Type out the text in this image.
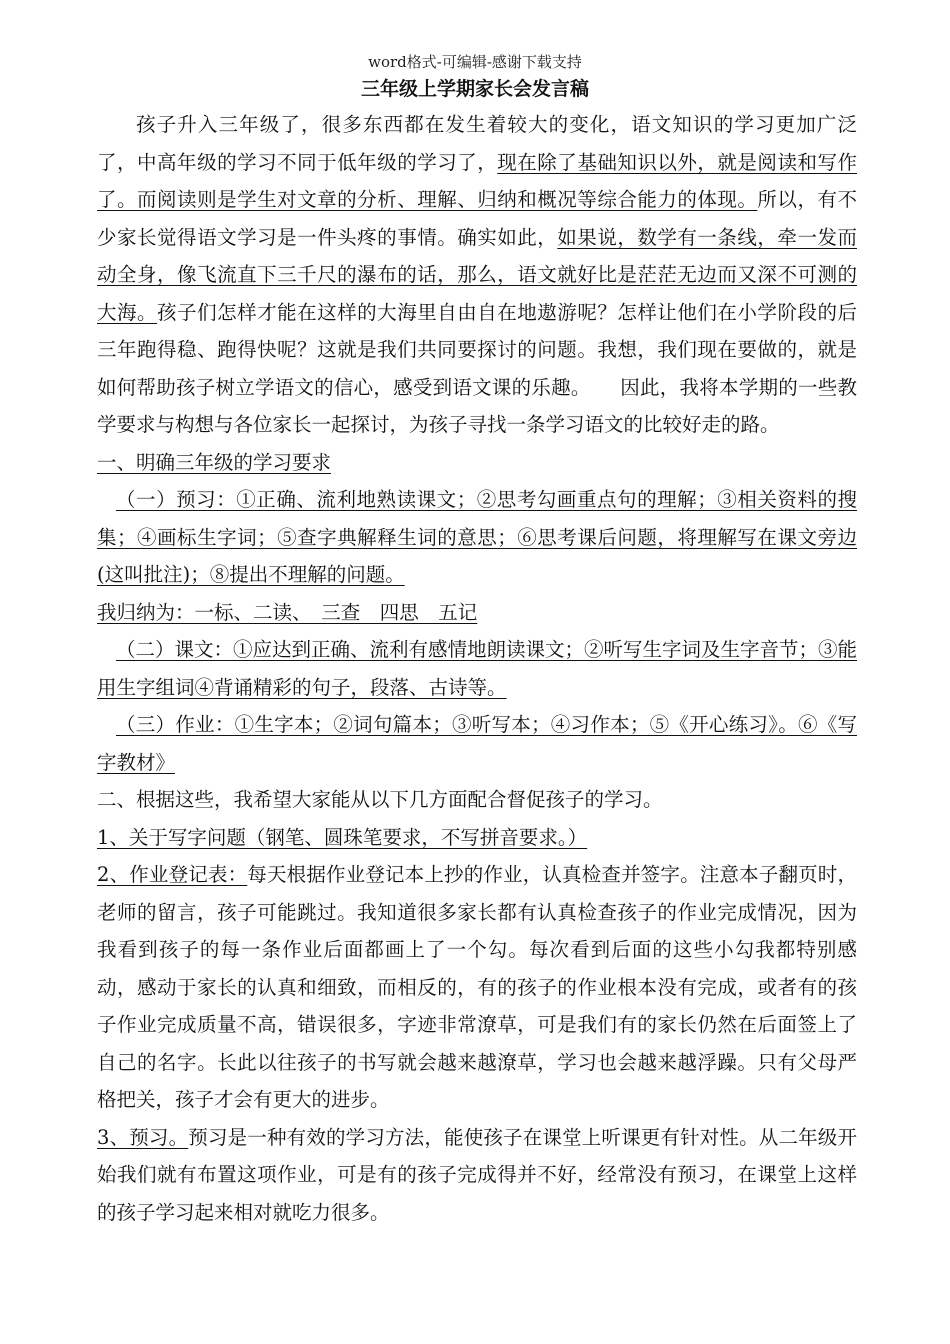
word格式-可编辑-感谢下载支持
三年级上学期家长会发言稿

孩子升入三年级了，很多东西都在发生着较大的变化，语文知识的学习更加广泛了，中高年级的学习不同于低年级的学习了，现在除了基础知识以外，就是阅读和写作了。而阅读则是学生对文章的分析、理解、归纳和概况等综合能力的体现。所以，有不少家长觉得语文学习是一件头疼的事情。确实如此，如果说，数学有一条线，牵一发而动全身，像飞流直下三千尺的瀑布的话，那么，语文就好比是茫茫无边而又深不可测的大海。孩子们怎样才能在这样的大海里自由自在地遨游呢？怎样让他们在小学阶段的后三年跑得稳、跑得快呢？这就是我们共同要探讨的问题。我想，我们现在要做的，就是如何帮助孩子树立学语文的信心，感受到语文课的乐趣。　　因此，我将本学期的一些教学要求与构想与各位家长一起探讨，为孩子寻找一条学习语文的比较好走的路。

一、明确三年级的学习要求

（一）预习：①正确、流利地熟读课文；②思考勾画重点句的理解；③相关资料的搜集；④画标生字词；⑤查字典解释生词的意思；⑥思考课后问题，将理解写在课文旁边(这叫批注)；⑧提出不理解的问题。

我归纳为：一标、二读、　三查　四思　五记

（二）课文：①应达到正确、流利有感情地朗读课文；②听写生字词及生字音节；③能用生字组词④背诵精彩的句子，段落、古诗等。

（三）作业：①生字本；②词句篇本；③听写本；④习作本；⑤《开心练习》。⑥《写字教材》

二、根据这些，我希望大家能从以下几方面配合督促孩子的学习。

1、关于写字问题（钢笔、圆珠笔要求，不写拼音要求。）

2、作业登记表：每天根据作业登记本上抄的作业，认真检查并签字。注意本子翻页时，老师的留言，孩子可能跳过。我知道很多家长都有认真检查孩子的作业完成情况，因为我看到孩子的每一条作业后面都画上了一个勾。每次看到后面的这些小勾我都特别感动，感动于家长的认真和细致，而相反的，有的孩子的作业根本没有完成，或者有的孩子作业完成质量不高，错误很多，字迹非常潦草，可是我们有的家长仍然在后面签上了自己的名字。长此以往孩子的书写就会越来越潦草，学习也会越来越浮躁。只有父母严格把关，孩子才会有更大的进步。

3、预习。预习是一种有效的学习方法，能使孩子在课堂上听课更有针对性。从二年级开始我们就有布置这项作业，可是有的孩子完成得并不好，经常没有预习，在课堂上这样的孩子学习起来相对就吃力很多。
